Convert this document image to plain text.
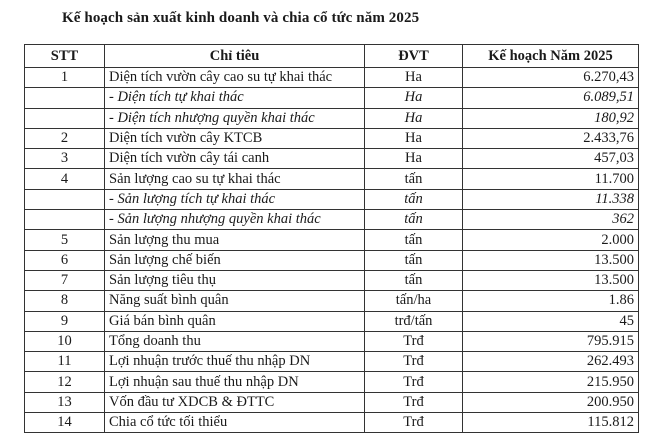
Kế hoạch sản xuất kinh doanh và chia cổ tức năm 2025
STT	Chỉ tiêu	ĐVT	Kế hoạch Năm 2025
1	Diện tích vườn cây cao su tự khai thác	Ha	6.270,43
	- Diện tích tự khai thác	Ha	6.089,51
	- Diện tích nhượng quyền khai thác	Ha	180,92
2	Diện tích vườn cây KTCB	Ha	2.433,76
3	Diện tích vườn cây tái canh	Ha	457,03
4	Sản lượng cao su tự khai thác	tấn	11.700
	- Sản lượng tích tự khai thác	tấn	11.338
	- Sản lượng nhượng quyền khai thác	tấn	362
5	Sản lượng thu mua	tấn	2.000
6	Sản lượng chế biến	tấn	13.500
7	Sản lượng tiêu thụ	tấn	13.500
8	Năng suất bình quân	tấn/ha	1.86
9	Giá bán bình quân	trđ/tấn	45
10	Tổng doanh thu	Trđ	795.915
11	Lợi nhuận trước thuế thu nhập DN	Trđ	262.493
12	Lợi nhuận sau thuế thu nhập DN	Trđ	215.950
13	Vốn đầu tư XDCB & ĐTTC	Trđ	200.950
14	Chia cổ tức tối thiểu	Trđ	115.812
